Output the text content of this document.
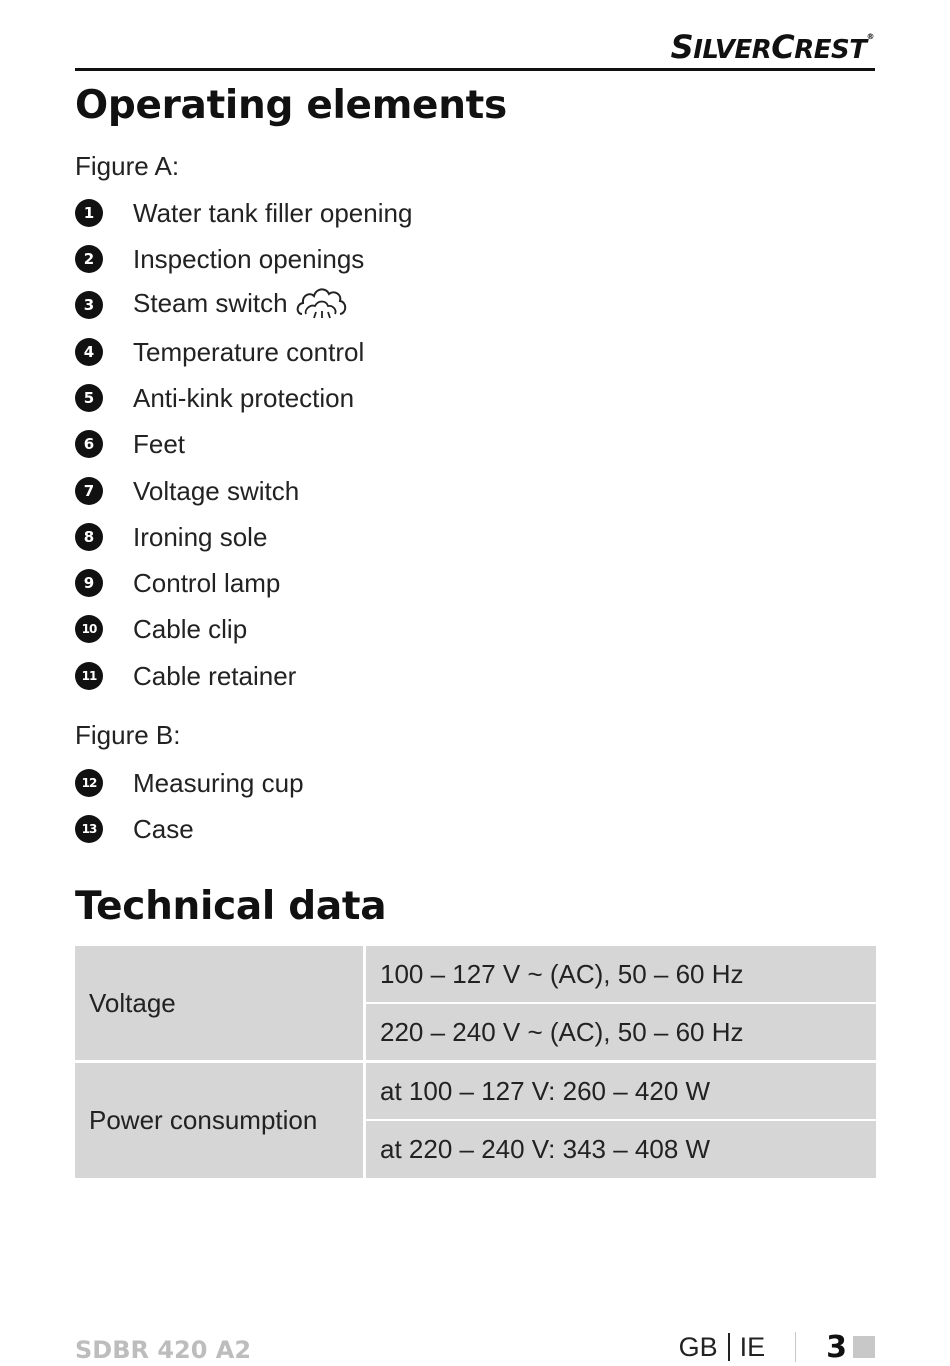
SILVERCREST®
Operating elements
Figure A:
1	Water tank filler opening
2	Inspection openings
3	Steam switch
4	Temperature control
5	Anti-kink protection
6	Feet
7	Voltage switch
8	Ironing sole
9	Control lamp
10 Cable clip
11 Cable retainer
Figure B:
12 Measuring cup
13 Case
Technical data
Voltage
100 – 127 V ~ (AC), 50 – 60 Hz
220 – 240 V ~ (AC), 50 – 60 Hz
Power consumption
at 100 – 127 V: 260 – 420 W
at 220 – 240 V: 343 – 408 W
SDBR 420 A2	GB IE 3
